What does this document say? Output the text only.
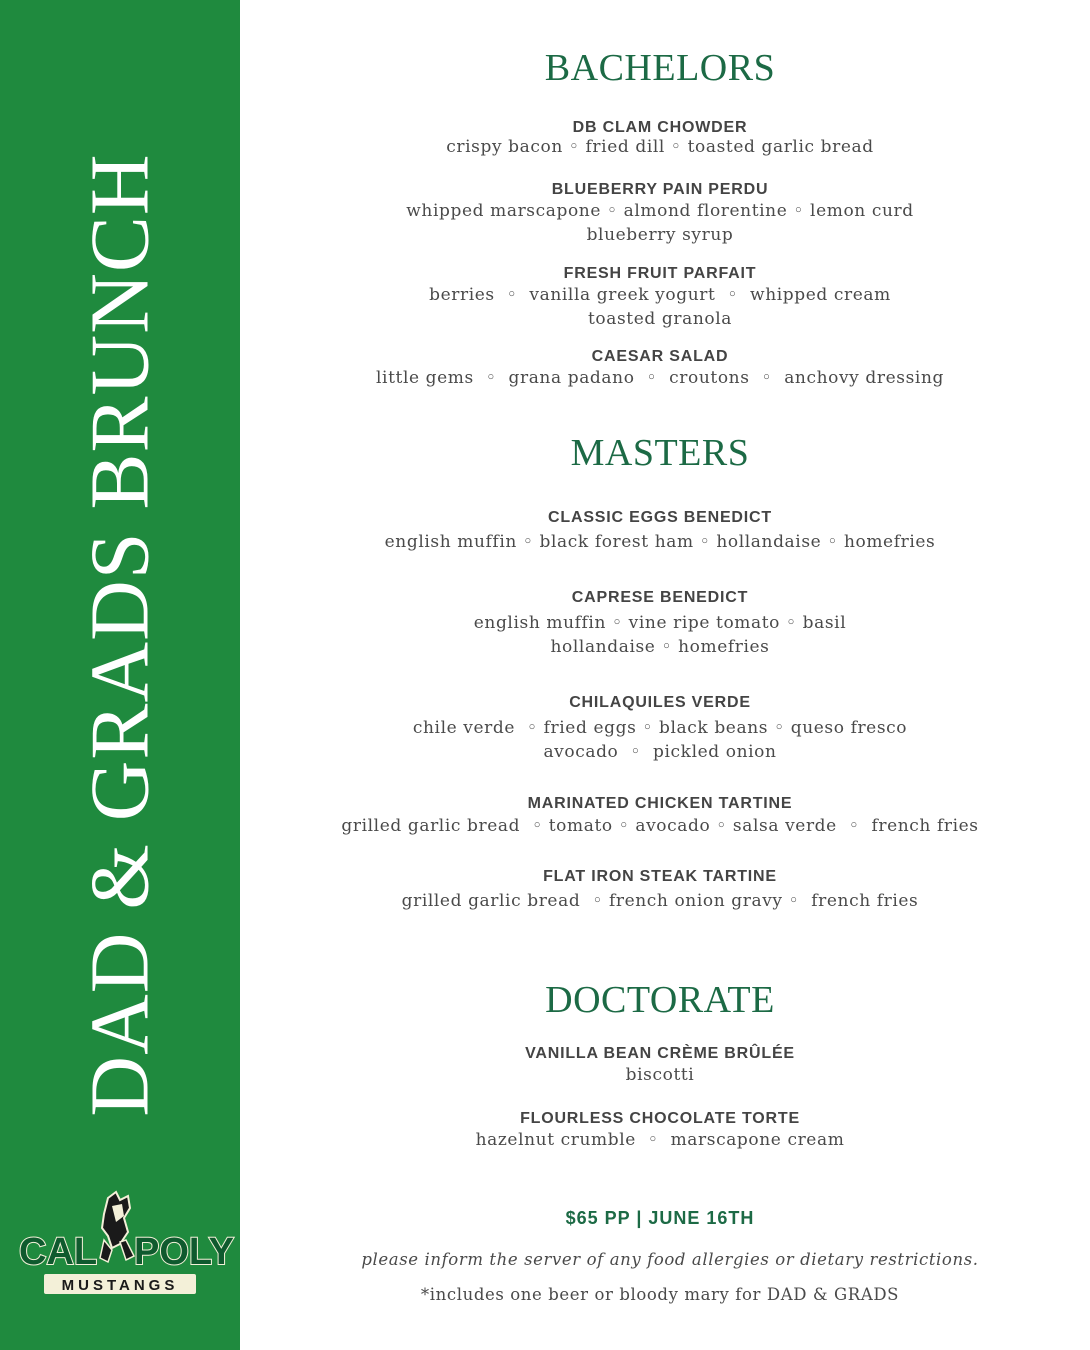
DAD & GRADS BRUNCH
CAL POLY
MUSTANGS
BACHELORS
DB CLAM CHOWDER
crispy bacon ◦ fried dill ◦ toasted garlic bread
BLUEBERRY PAIN PERDU
whipped marscapone ◦ almond florentine ◦ lemon curd
blueberry syrup
FRESH FRUIT PARFAIT
berries  ◦  vanilla greek yogurt  ◦  whipped cream
toasted granola
CAESAR SALAD
little gems  ◦  grana padano  ◦  croutons  ◦  anchovy dressing
MASTERS
CLASSIC EGGS BENEDICT
english muffin ◦ black forest ham ◦ hollandaise ◦ homefries
CAPRESE BENEDICT
english muffin ◦ vine ripe tomato ◦ basil
hollandaise ◦ homefries
CHILAQUILES VERDE
chile verde  ◦ fried eggs ◦ black beans ◦ queso fresco
avocado  ◦  pickled onion
MARINATED CHICKEN TARTINE
grilled garlic bread  ◦ tomato ◦ avocado ◦ salsa verde  ◦  french fries
FLAT IRON STEAK TARTINE
grilled garlic bread  ◦ french onion gravy ◦  french fries
DOCTORATE
VANILLA BEAN CRÈME BRÛLÉE
biscotti
FLOURLESS CHOCOLATE TORTE
hazelnut crumble  ◦  marscapone cream
$65 PP | JUNE 16TH
please inform the server of any food allergies or dietary restrictions.
*includes one beer or bloody mary for DAD & GRADS
